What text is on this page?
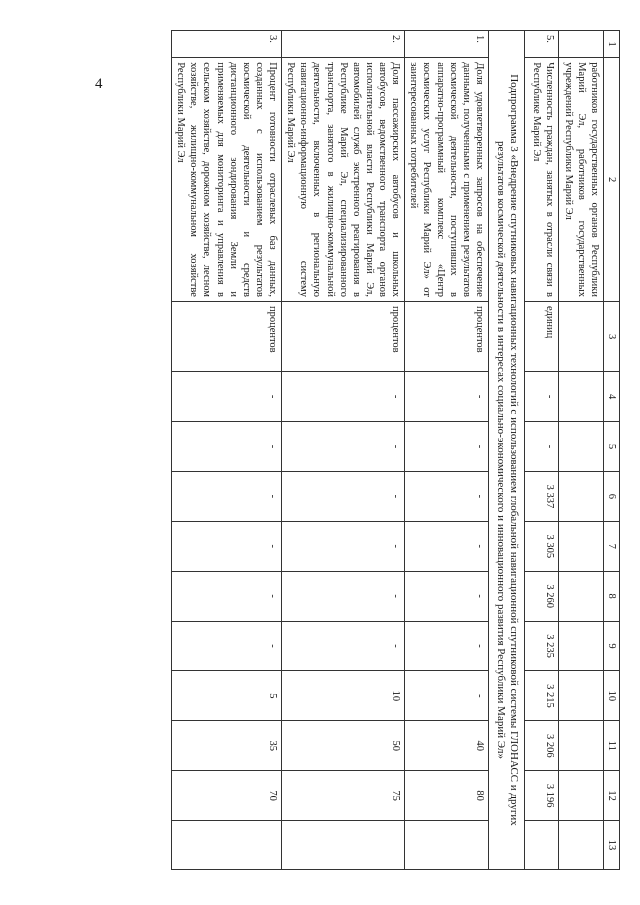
4
1	2	3	4	5	6	7	8	9	10	11	12	13
	работников государственных органов Республики Марий Эл, работников государственных учреждений Республики Марий Эл											
5.	Численность граждан, занятых в отрасли связи в Республике Марий Эл	единиц	-	-	3 337	3 305	3 260	3 235	3 215	3 206	3 196	
Подпрограмма 3 «Внедрение спутниковых навигационных технологий с использованием глобальной навигационной спутниковой системы ГЛОНАСС и других результатов космической деятельности в интересах социально-экономического и инновационного развития Республики Марий Эл»												
1.	Доля удовлетворенных запросов на обеспечение данными, полученными с применением результатов космической деятельности, поступивших в аппаратно-программный комплекс «Центр космических услуг Республики Марий Эл» от заинтересованных потребителей	процентов	-	-	-	-	-	-	-	40	80	
2.	Доля пассажирских автобусов и школьных автобусов, ведомственного транспорта органов исполнительной власти Республики Марий Эл, автомобилей служб экстренного реагирования в Республике Марий Эл, специализированного транспорта, занятого в жилищно-коммунальной деятельности, включенных в региональную навигационно-информационную систему Республики Марий Эл	процентов	-	-	-	-	-	-	10	50	75	
3.	Процент готовности отраслевых баз данных, созданных с использованием результатов космической деятельности и средств дистанционного зондирования Земли и применяемых для мониторинга и управления в сельском хозяйстве, дорожном хозяйстве, лесном хозяйстве, жилищно-коммунальном хозяйстве Республики Марий Эл	процентов	-	-	-	-	-	-	5	35	70	
